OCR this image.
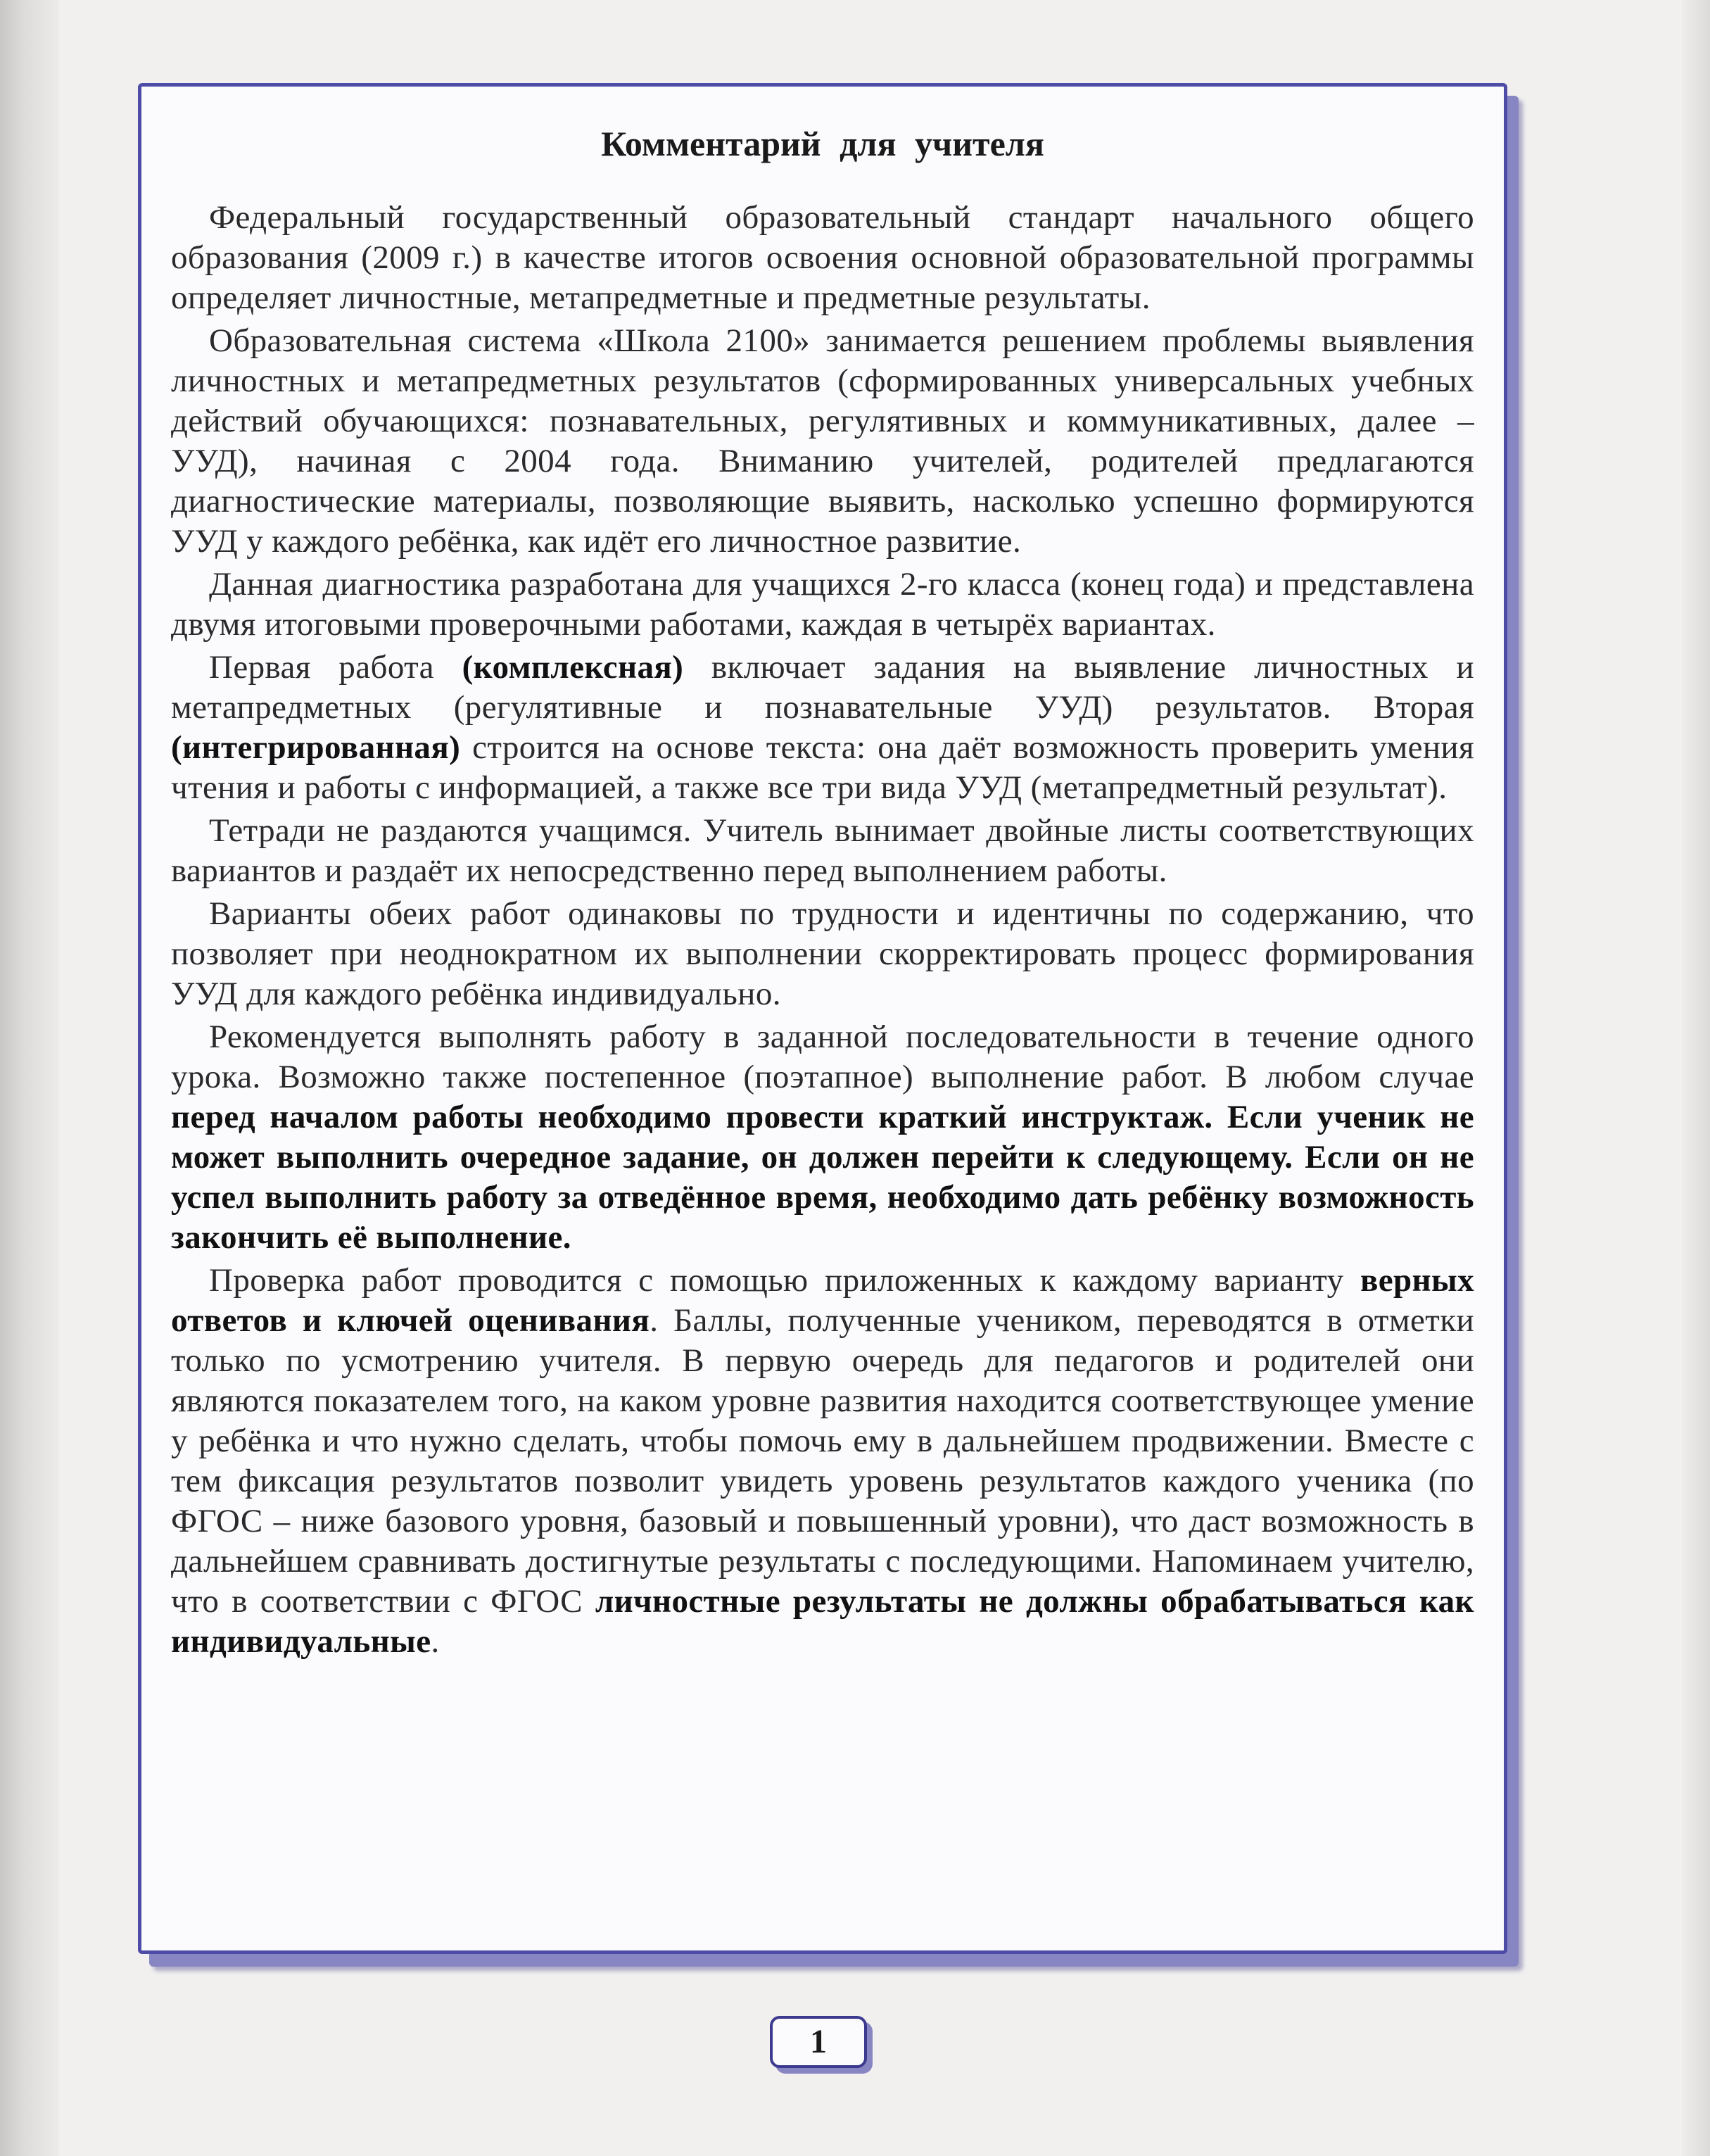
Комментарий для учителя

Федеральный государственный образовательный стандарт начального общего образования (2009 г.) в качестве итогов освоения основной образовательной программы определяет личностные, метапредметные и предметные результаты.

Образовательная система «Школа 2100» занимается решением проблемы выявления личностных и метапредметных результатов (сформированных универсальных учебных действий обучающихся: познавательных, регулятивных и коммуникативных, далее – УУД), начиная с 2004 года. Вниманию учителей, родителей предлагаются диагностические материалы, позволяющие выявить, насколько успешно формируются УУД у каждого ребёнка, как идёт его личностное развитие.

Данная диагностика разработана для учащихся 2-го класса (конец года) и представлена двумя итоговыми проверочными работами, каждая в четырёх вариантах.

Первая работа (комплексная) включает задания на выявление личностных и метапредметных (регулятивные и познавательные УУД) результатов. Вторая (интегрированная) строится на основе текста: она даёт возможность проверить умения чтения и работы с информацией, а также все три вида УУД (метапредметный результат).

Тетради не раздаются учащимся. Учитель вынимает двойные листы соответствующих вариантов и раздаёт их непосредственно перед выполнением работы.

Варианты обеих работ одинаковы по трудности и идентичны по содержанию, что позволяет при неоднократном их выполнении скорректировать процесс формирования УУД для каждого ребёнка индивидуально.

Рекомендуется выполнять работу в заданной последовательности в течение одного урока. Возможно также постепенное (поэтапное) выполнение работ. В любом случае перед началом работы необходимо провести краткий инструктаж. Если ученик не может выполнить очередное задание, он должен перейти к следующему. Если он не успел выполнить работу за отведённое время, необходимо дать ребёнку возможность закончить её выполнение.

Проверка работ проводится с помощью приложенных к каждому варианту верных ответов и ключей оценивания. Баллы, полученные учеником, переводятся в отметки только по усмотрению учителя. В первую очередь для педагогов и родителей они являются показателем того, на каком уровне развития находится соответствующее умение у ребёнка и что нужно сделать, чтобы помочь ему в дальнейшем продвижении. Вместе с тем фиксация результатов позволит увидеть уровень результатов каждого ученика (по ФГОС – ниже базового уровня, базовый и повышенный уровни), что даст возможность в дальнейшем сравнивать достигнутые результаты с последующими. Напоминаем учителю, что в соответствии с ФГОС личностные результаты не должны обрабатываться как индивидуальные.

1
